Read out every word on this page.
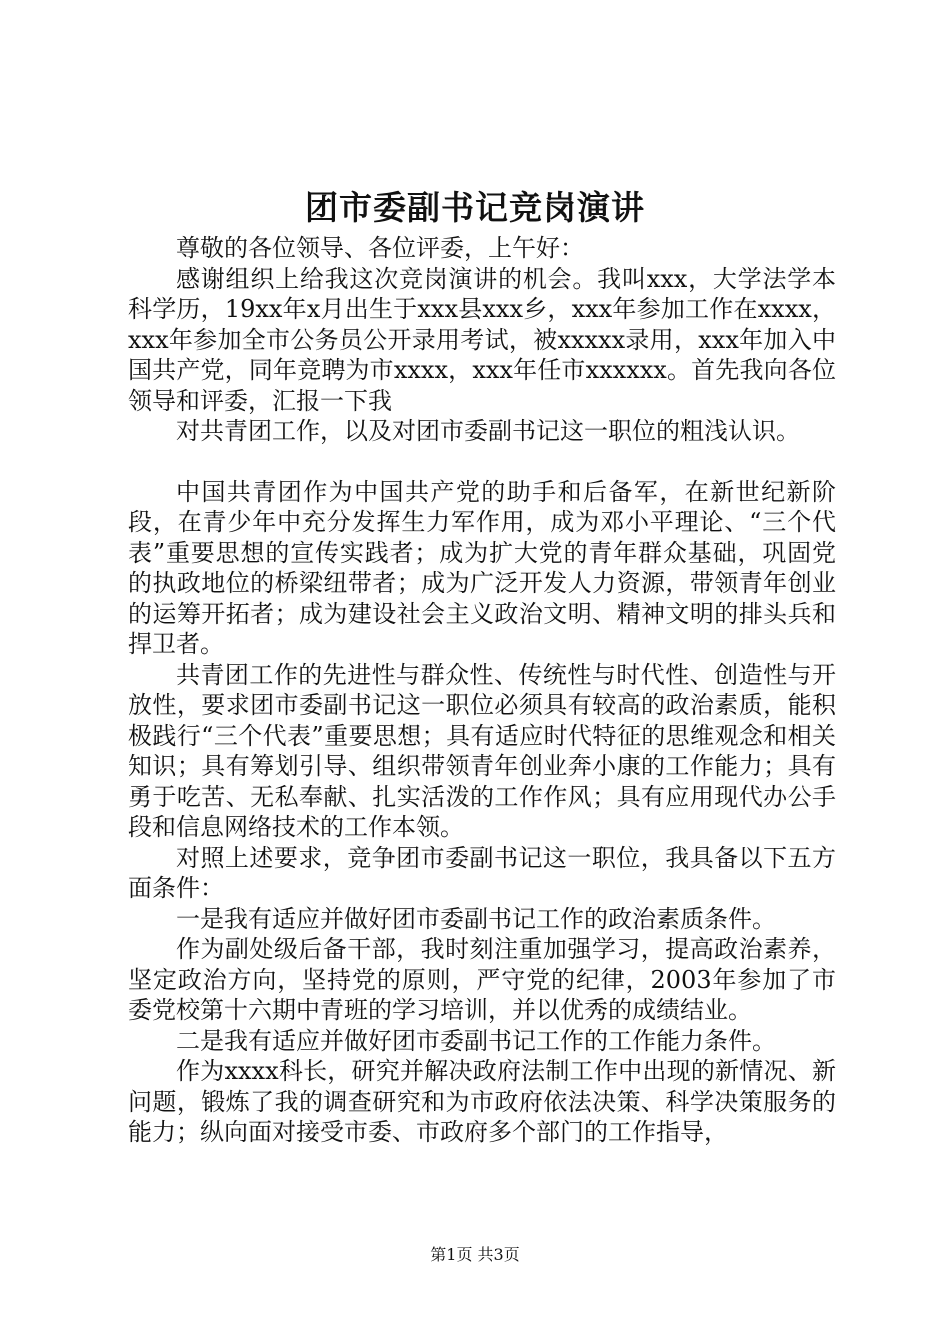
团市委副书记竞岗演讲

尊敬的各位领导、各位评委，上午好：

感谢组织上给我这次竞岗演讲的机会。我叫xxx，大学法学本科学历，19xx年x月出生于xxx县xxx乡，xxx年参加工作在xxxx，xxx年参加全市公务员公开录用考试，被xxxxx录用，xxx年加入中国共产党，同年竞聘为市xxxx，xxx年任市xxxxxx。首先我向各位领导和评委，汇报一下我

对共青团工作，以及对团市委副书记这一职位的粗浅认识。

中国共青团作为中国共产党的助手和后备军，在新世纪新阶段，在青少年中充分发挥生力军作用，成为邓小平理论、“三个代表”重要思想的宣传实践者；成为扩大党的青年群众基础，巩固党的执政地位的桥梁纽带者；成为广泛开发人力资源，带领青年创业的运筹开拓者；成为建设社会主义政治文明、精神文明的排头兵和捍卫者。

共青团工作的先进性与群众性、传统性与时代性、创造性与开放性，要求团市委副书记这一职位必须具有较高的政治素质，能积极践行“三个代表”重要思想；具有适应时代特征的思维观念和相关知识；具有筹划引导、组织带领青年创业奔小康的工作能力；具有勇于吃苦、无私奉献、扎实活泼的工作作风；具有应用现代办公手段和信息网络技术的工作本领。

对照上述要求，竞争团市委副书记这一职位，我具备以下五方面条件：

一是我有适应并做好团市委副书记工作的政治素质条件。

作为副处级后备干部，我时刻注重加强学习，提高政治素养，坚定政治方向，坚持党的原则，严守党的纪律，2003年参加了市委党校第十六期中青班的学习培训，并以优秀的成绩结业。

二是我有适应并做好团市委副书记工作的工作能力条件。

作为xxxx科长，研究并解决政府法制工作中出现的新情况、新问题，锻炼了我的调查研究和为市政府依法决策、科学决策服务的能力；纵向面对接受市委、市政府多个部门的工作指导，

第1页 共3页
